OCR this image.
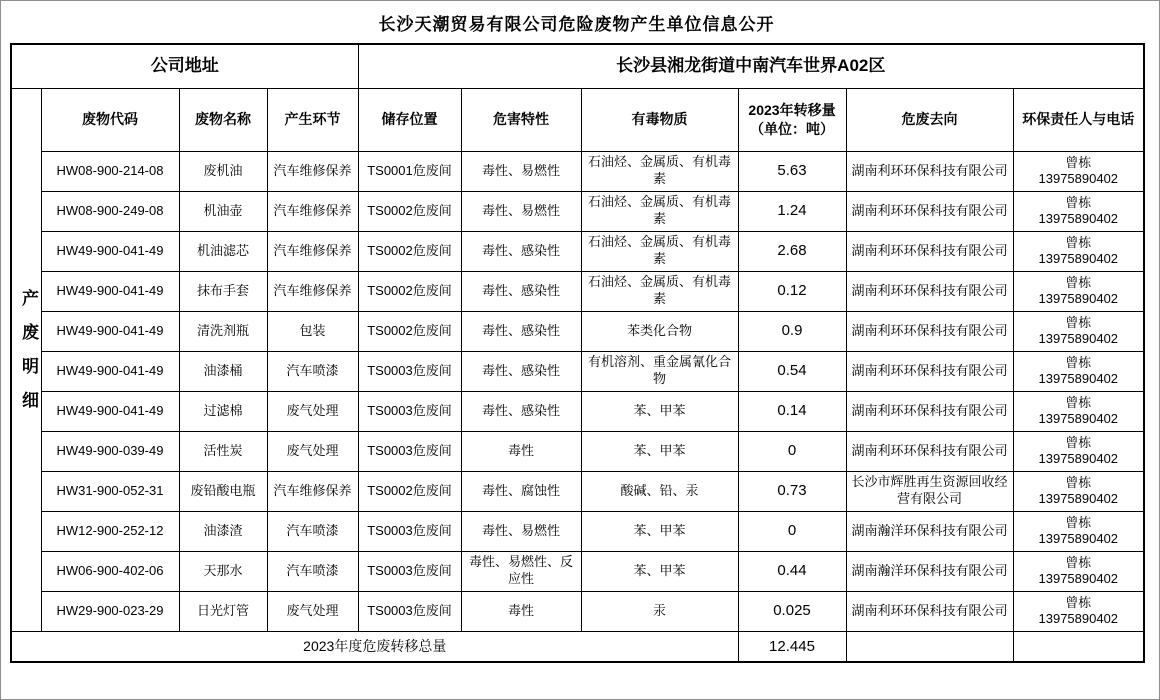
长沙天潮贸易有限公司危险废物产生单位信息公开
公司地址				长沙县湘龙街道中南汽车世界A02区					
产废明细	废物代码	废物名称	产生环节	储存位置	危害特性	有毒物质	2023年转移量
（单位：吨）	危废去向	环保责任人与电话
	HW08-900-214-08	废机油	汽车维修保养	TS0001危废间	毒性、易燃性	石油烃、金属质、有机毒素	5.63	湖南利环环保科技有限公司	曾栋
13975890402

	HW08-900-249-08	机油壶	汽车维修保养	TS0002危废间	毒性、易燃性	石油烃、金属质、有机毒素	1.24	湖南利环环保科技有限公司	曾栋
13975890402

	HW49-900-041-49	机油滤芯	汽车维修保养	TS0002危废间	毒性、感染性	石油烃、金属质、有机毒素	2.68	湖南利环环保科技有限公司	曾栋
13975890402

	HW49-900-041-49	抹布手套	汽车维修保养	TS0002危废间	毒性、感染性	石油烃、金属质、有机毒素	0.12	湖南利环环保科技有限公司	曾栋
13975890402

	HW49-900-041-49	清洗剂瓶	包装	TS0002危废间	毒性、感染性	苯类化合物	0.9	湖南利环环保科技有限公司	曾栋
13975890402

	HW49-900-041-49	油漆桶	汽车喷漆	TS0003危废间	毒性、感染性	有机溶剂、重金属氰化合物	0.54	湖南利环环保科技有限公司	曾栋
13975890402

	HW49-900-041-49	过滤棉	废气处理	TS0003危废间	毒性、感染性	苯、甲苯	0.14	湖南利环环保科技有限公司	曾栋
13975890402

	HW49-900-039-49	活性炭	废气处理	TS0003危废间	毒性	苯、甲苯	0	湖南利环环保科技有限公司	曾栋
13975890402

	HW31-900-052-31	废铅酸电瓶	汽车维修保养	TS0002危废间	毒性、腐蚀性	酸碱、铅、汞	0.73	长沙市辉胜再生资源回收经营有限公司	曾栋
13975890402

	HW12-900-252-12	油漆渣	汽车喷漆	TS0003危废间	毒性、易燃性	苯、甲苯	0	湖南瀚洋环保科技有限公司	曾栋
13975890402

	HW06-900-402-06	天那水	汽车喷漆	TS0003危废间	毒性、易燃性、反应性	苯、甲苯	0.44	湖南瀚洋环保科技有限公司	曾栋
13975890402

	HW29-900-023-29	日光灯管	废气处理	TS0003危废间	毒性	汞	0.025	湖南利环环保科技有限公司	曾栋
13975890402

2023年度危废转移总量							12.445		
